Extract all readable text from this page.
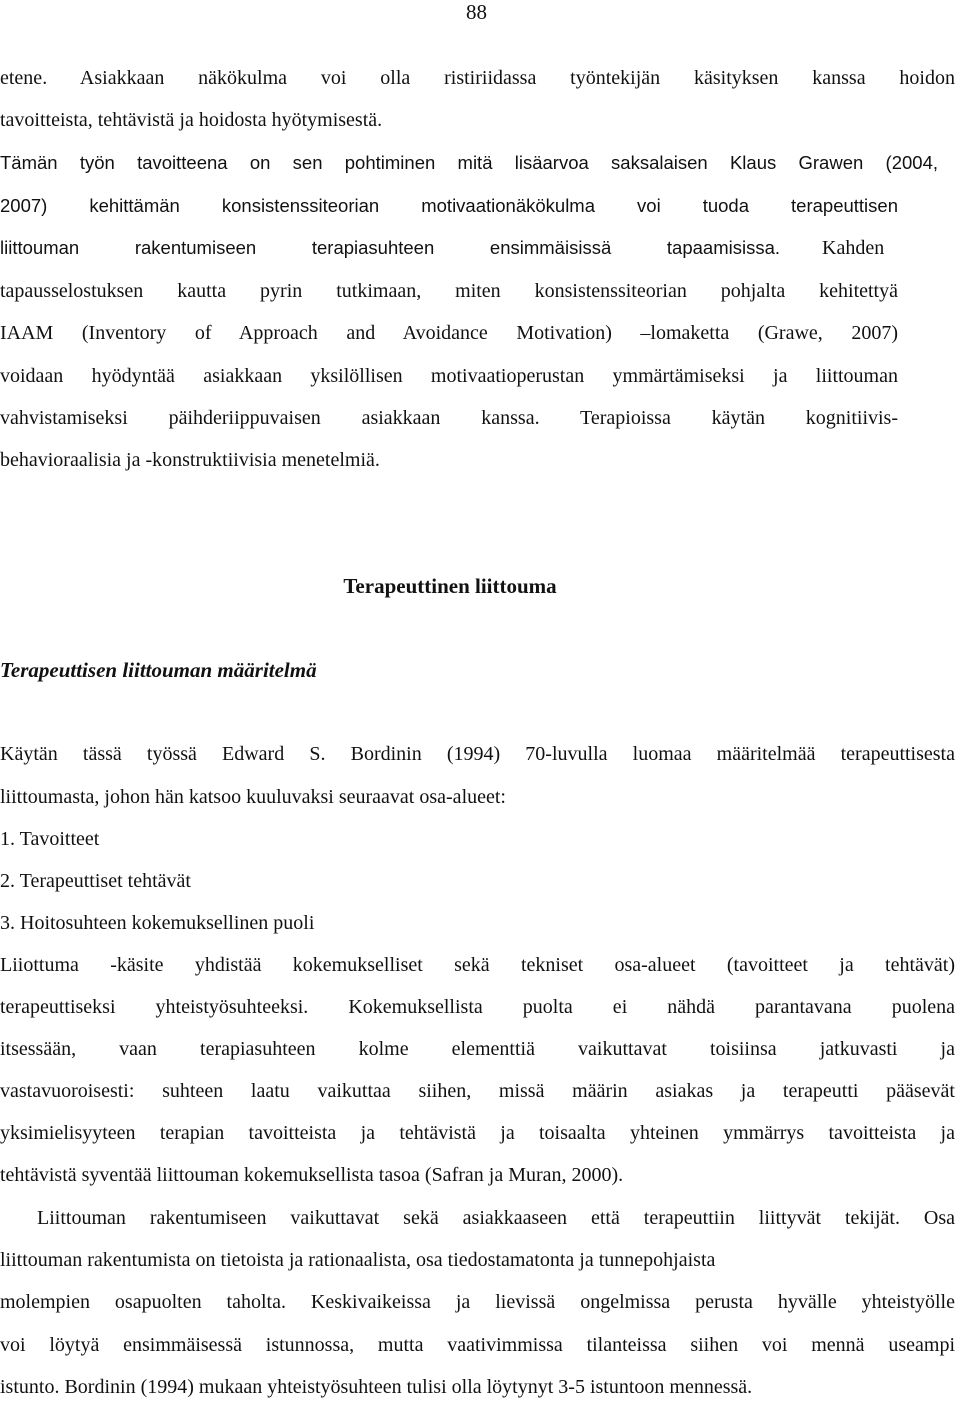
88
etene. Asiakkaan näkökulma voi olla ristiriidassa työntekijän käsityksen kanssa hoidon
tavoitteista, tehtävistä ja hoidosta hyötymisestä.
Tämän työn tavoitteena on sen pohtiminen mitä lisäarvoa saksalaisen Klaus Grawen (2004,
2007) kehittämän konsistenssiteorian motivaationäkökulma voi tuoda terapeuttisen
liittouman rakentumiseen terapiasuhteen ensimmäisissä tapaamisissa. Kahden
tapausselostuksen kautta pyrin tutkimaan, miten konsistenssiteorian pohjalta kehitettyä
IAAM (Inventory of Approach and Avoidance Motivation) –lomaketta (Grawe, 2007)
voidaan hyödyntää asiakkaan yksilöllisen motivaatioperustan ymmärtämiseksi ja liittouman
vahvistamiseksi päihderiippuvaisen asiakkaan kanssa. Terapioissa käytän kognitiivis-
behavioraalisia ja -konstruktiivisia menetelmiä.
Terapeuttinen liittouma
Terapeuttisen liittouman määritelmä
Käytän tässä työssä Edward S. Bordinin (1994) 70-luvulla luomaa määritelmää terapeuttisesta
liittoumasta, johon hän katsoo kuuluvaksi seuraavat osa-alueet:
1. Tavoitteet
2. Terapeuttiset tehtävät
3. Hoitosuhteen kokemuksellinen puoli
Liiottuma -käsite yhdistää kokemukselliset sekä tekniset osa-alueet (tavoitteet ja tehtävät)
terapeuttiseksi yhteistyösuhteeksi. Kokemuksellista puolta ei nähdä parantavana puolena
itsessään, vaan terapiasuhteen kolme elementtiä vaikuttavat toisiinsa jatkuvasti ja
vastavuoroisesti: suhteen laatu vaikuttaa siihen, missä määrin asiakas ja terapeutti pääsevät
yksimielisyyteen terapian tavoitteista ja tehtävistä ja toisaalta yhteinen ymmärrys tavoitteista ja
tehtävistä syventää liittouman kokemuksellista tasoa (Safran ja Muran, 2000).
Liittouman rakentumiseen vaikuttavat sekä asiakkaaseen että terapeuttiin liittyvät tekijät. Osa
liittouman rakentumista on tietoista ja rationaalista, osa tiedostamatonta ja tunnepohjaista
molempien osapuolten taholta. Keskivaikeissa ja lievissä ongelmissa perusta hyvälle yhteistyölle
voi löytyä ensimmäisessä istunnossa, mutta vaativimmissa tilanteissa siihen voi mennä useampi
istunto. Bordinin (1994) mukaan yhteistyösuhteen tulisi olla löytynyt 3-5 istuntoon mennessä.
